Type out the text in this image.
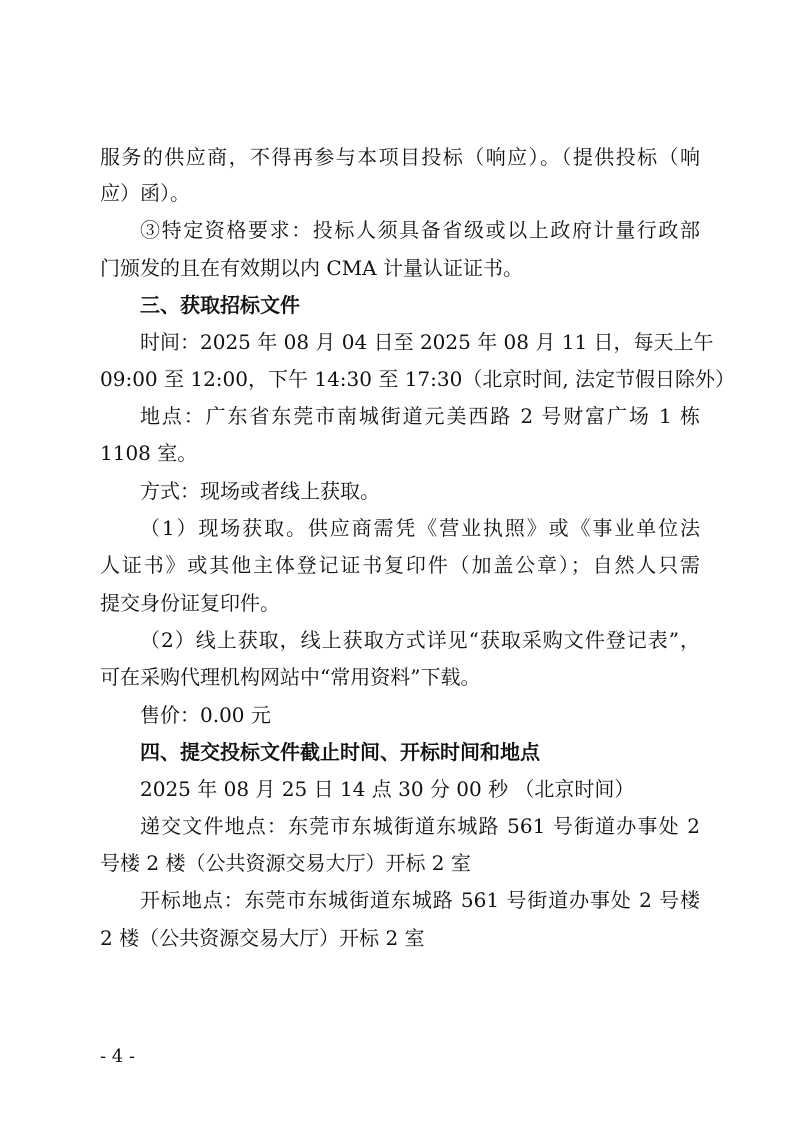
服务的供应商，不得再参与本项目投标（响应）。（提供投标（响
应）函）。
③特定资格要求：投标人须具备省级或以上政府计量行政部
门颁发的且在有效期以内 CMA 计量认证证书。
三、获取招标文件
时间：2025 年 08 月 04 日至 2025 年 08 月 11 日，每天上午
09:00 至 12:00，下午 14:30 至 17:30（北京时间, 法定节假日除外）
地点：广东省东莞市南城街道元美西路 2 号财富广场 1 栋
1108 室。
方式：现场或者线上获取。
（1）现场获取。供应商需凭《营业执照》或《事业单位法
人证书》或其他主体登记证书复印件（加盖公章）；自然人只需
提交身份证复印件。
（2）线上获取，线上获取方式详见“获取采购文件登记表”，
可在采购代理机构网站中“常用资料”下载。
售价：0.00 元
四、提交投标文件截止时间、开标时间和地点
2025 年 08 月 25 日 14 点 30 分 00 秒 （北京时间）
递交文件地点：东莞市东城街道东城路 561 号街道办事处 2
号楼 2 楼（公共资源交易大厅）开标 2 室
开标地点：东莞市东城街道东城路 561 号街道办事处 2 号楼
2 楼（公共资源交易大厅）开标 2 室
- 4 -
